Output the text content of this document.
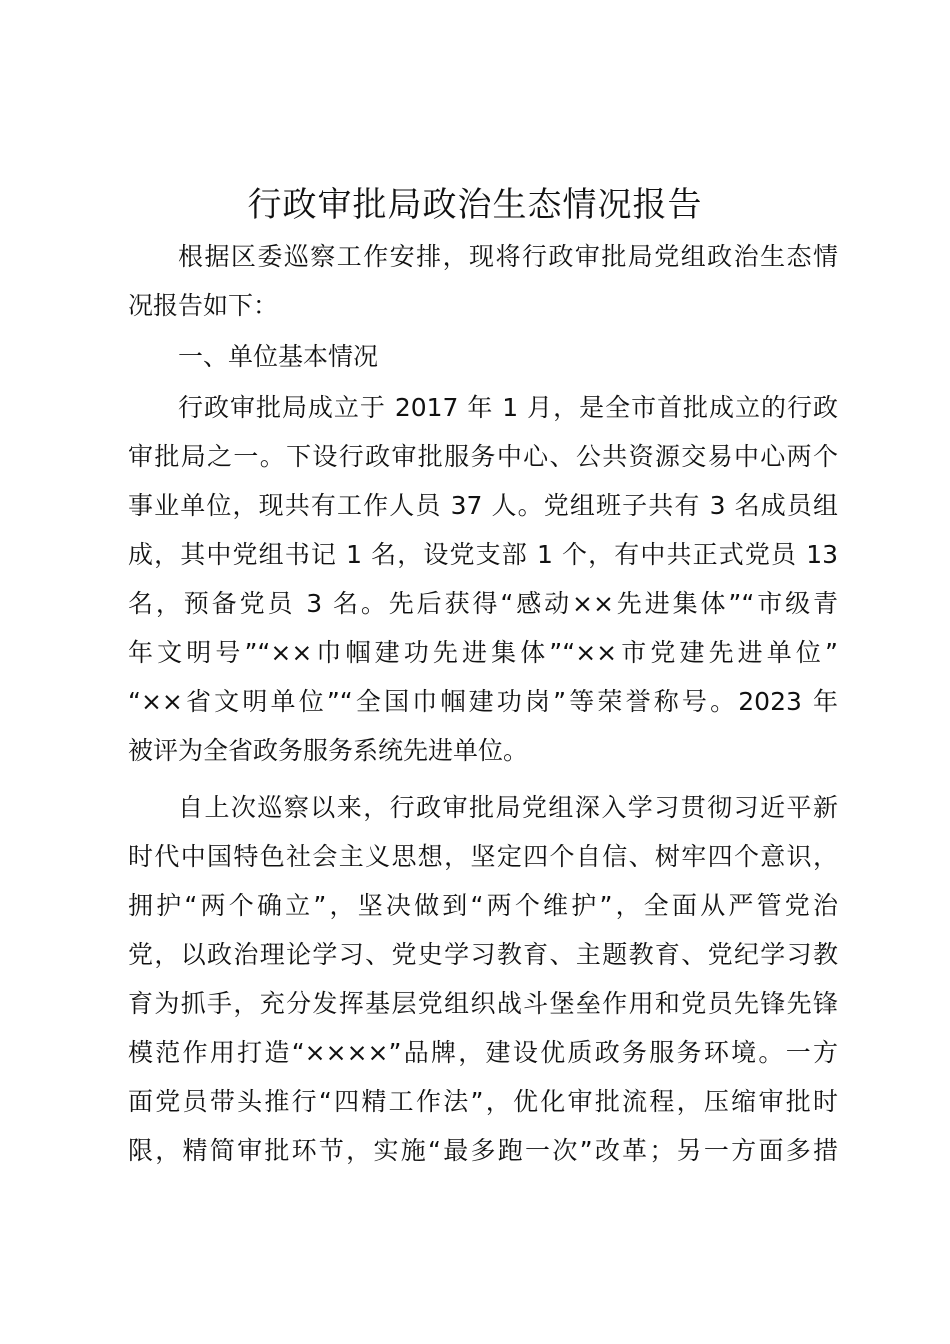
行政审批局政治生态情况报告
根据区委巡察工作安排，现将行政审批局党组政治生态情
况报告如下：
一、单位基本情况
行政审批局成立于 2017 年 1 月，是全市首批成立的行政
审批局之一。下设行政审批服务中心、公共资源交易中心两个
事业单位，现共有工作人员 37 人。党组班子共有 3 名成员组
成，其中党组书记 1 名，设党支部 1 个，有中共正式党员 13
名，预备党员 3 名。先后获得“感动××先进集体”“市级青
年文明号”“××巾帼建功先进集体”“××市党建先进单位”
“××省文明单位”“全国巾帼建功岗”等荣誉称号。2023 年
被评为全省政务服务系统先进单位。
自上次巡察以来，行政审批局党组深入学习贯彻习近平新
时代中国特色社会主义思想，坚定四个自信、树牢四个意识，
拥护“两个确立”，坚决做到“两个维护”，全面从严管党治
党，以政治理论学习、党史学习教育、主题教育、党纪学习教
育为抓手，充分发挥基层党组织战斗堡垒作用和党员先锋先锋
模范作用打造“××××”品牌，建设优质政务服务环境。一方
面党员带头推行“四精工作法”，优化审批流程，压缩审批时
限，精简审批环节，实施“最多跑一次”改革；另一方面多措
